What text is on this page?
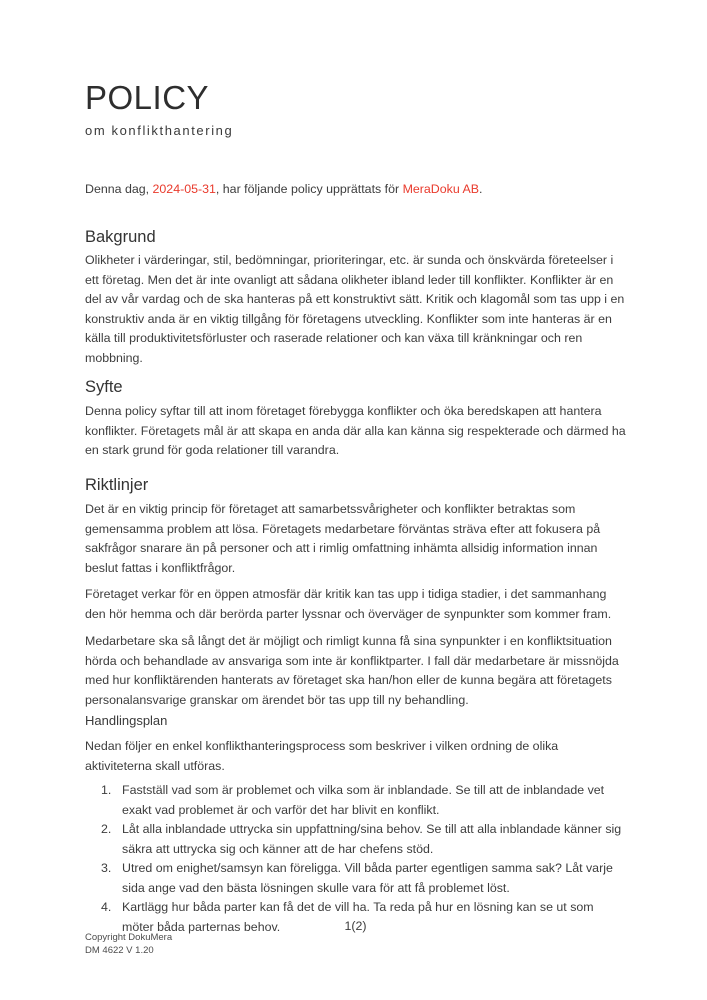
POLICY
om konflikthantering

Denna dag, 2024-05-31, har följande policy upprättats för MeraDoku AB.

Bakgrund

Olikheter i värderingar, stil, bedömningar, prioriteringar, etc. är sunda och önskvärda företeelser i ett företag. Men det är inte ovanligt att sådana olikheter ibland leder till konflikter. Konflikter är en del av vår vardag och de ska hanteras på ett konstruktivt sätt. Kritik och klagomål som tas upp i en konstruktiv anda är en viktig tillgång för företagens utveckling. Konflikter som inte hanteras är en källa till produktivitetsförluster och raserade relationer och kan växa till kränkningar och ren mobbning.

Syfte

Denna policy syftar till att inom företaget förebygga konflikter och öka beredskapen att hantera konflikter. Företagets mål är att skapa en anda där alla kan känna sig respekterade och därmed ha en stark grund för goda relationer till varandra.

Riktlinjer

Det är en viktig princip för företaget att samarbetssvårigheter och konflikter betraktas som gemensamma problem att lösa. Företagets medarbetare förväntas sträva efter att fokusera på sakfrågor snarare än på personer och att i rimlig omfattning inhämta allsidig information innan beslut fattas i konfliktfrågor.

Företaget verkar för en öppen atmosfär där kritik kan tas upp i tidiga stadier, i det sammanhang den hör hemma och där berörda parter lyssnar och överväger de synpunkter som kommer fram.

Medarbetare ska så långt det är möjligt och rimligt kunna få sina synpunkter i en konfliktsituation hörda och behandlade av ansvariga som inte är konfliktparter. I fall där medarbetare är missnöjda med hur konfliktärenden hanterats av företaget ska han/hon eller de kunna begära att företagets personalansvarige granskar om ärendet bör tas upp till ny behandling.

Handlingsplan

Nedan följer en enkel konflikthanteringsprocess som beskriver i vilken ordning de olika aktiviteterna skall utföras.

1. Fastställ vad som är problemet och vilka som är inblandade. Se till att de inblandade vet exakt vad problemet är och varför det har blivit en konflikt.
2. Låt alla inblandade uttrycka sin uppfattning/sina behov. Se till att alla inblandade känner sig säkra att uttrycka sig och känner att de har chefens stöd.
3. Utred om enighet/samsyn kan föreligga. Vill båda parter egentligen samma sak? Låt varje sida ange vad den bästa lösningen skulle vara för att få problemet löst.
4. Kartlägg hur båda parter kan få det de vill ha. Ta reda på hur en lösning kan se ut som möter båda parternas behov.	1(2)
Copyright DokuMera
DM 4622 V 1.20
